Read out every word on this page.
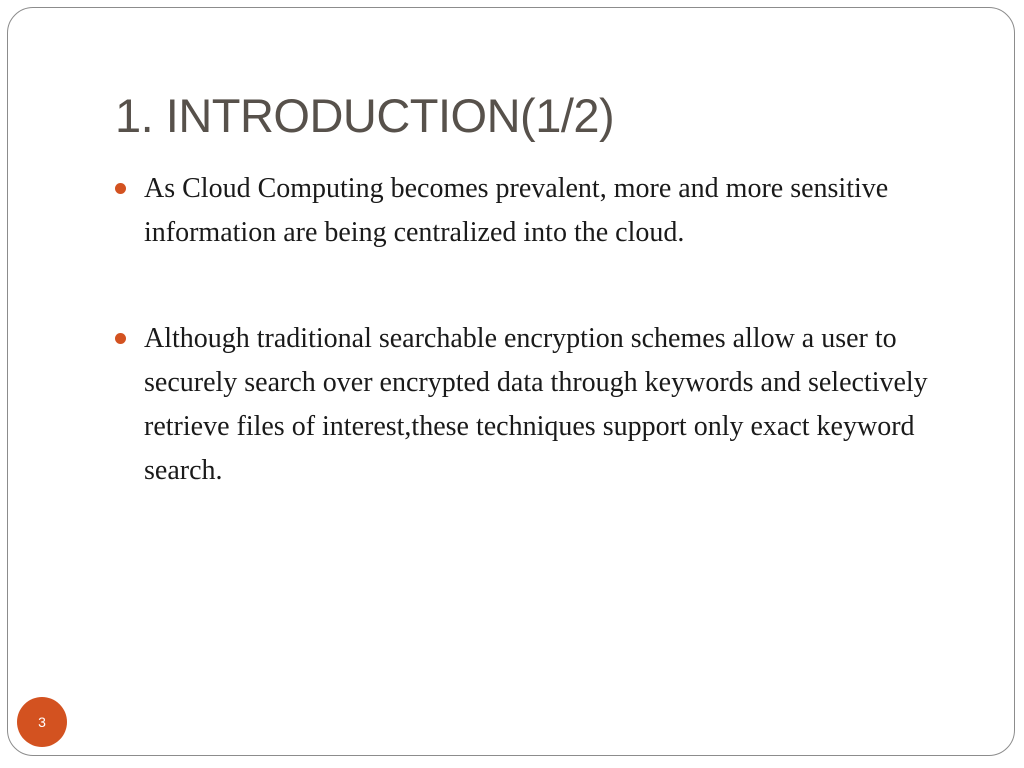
1. INTRODUCTION(1/2)
As Cloud Computing becomes prevalent, more and more sensitive information are being centralized into the cloud.
Although traditional searchable encryption schemes allow a user to securely search over encrypted data through keywords and selectively retrieve files of interest,these techniques support only exact keyword search.
3
